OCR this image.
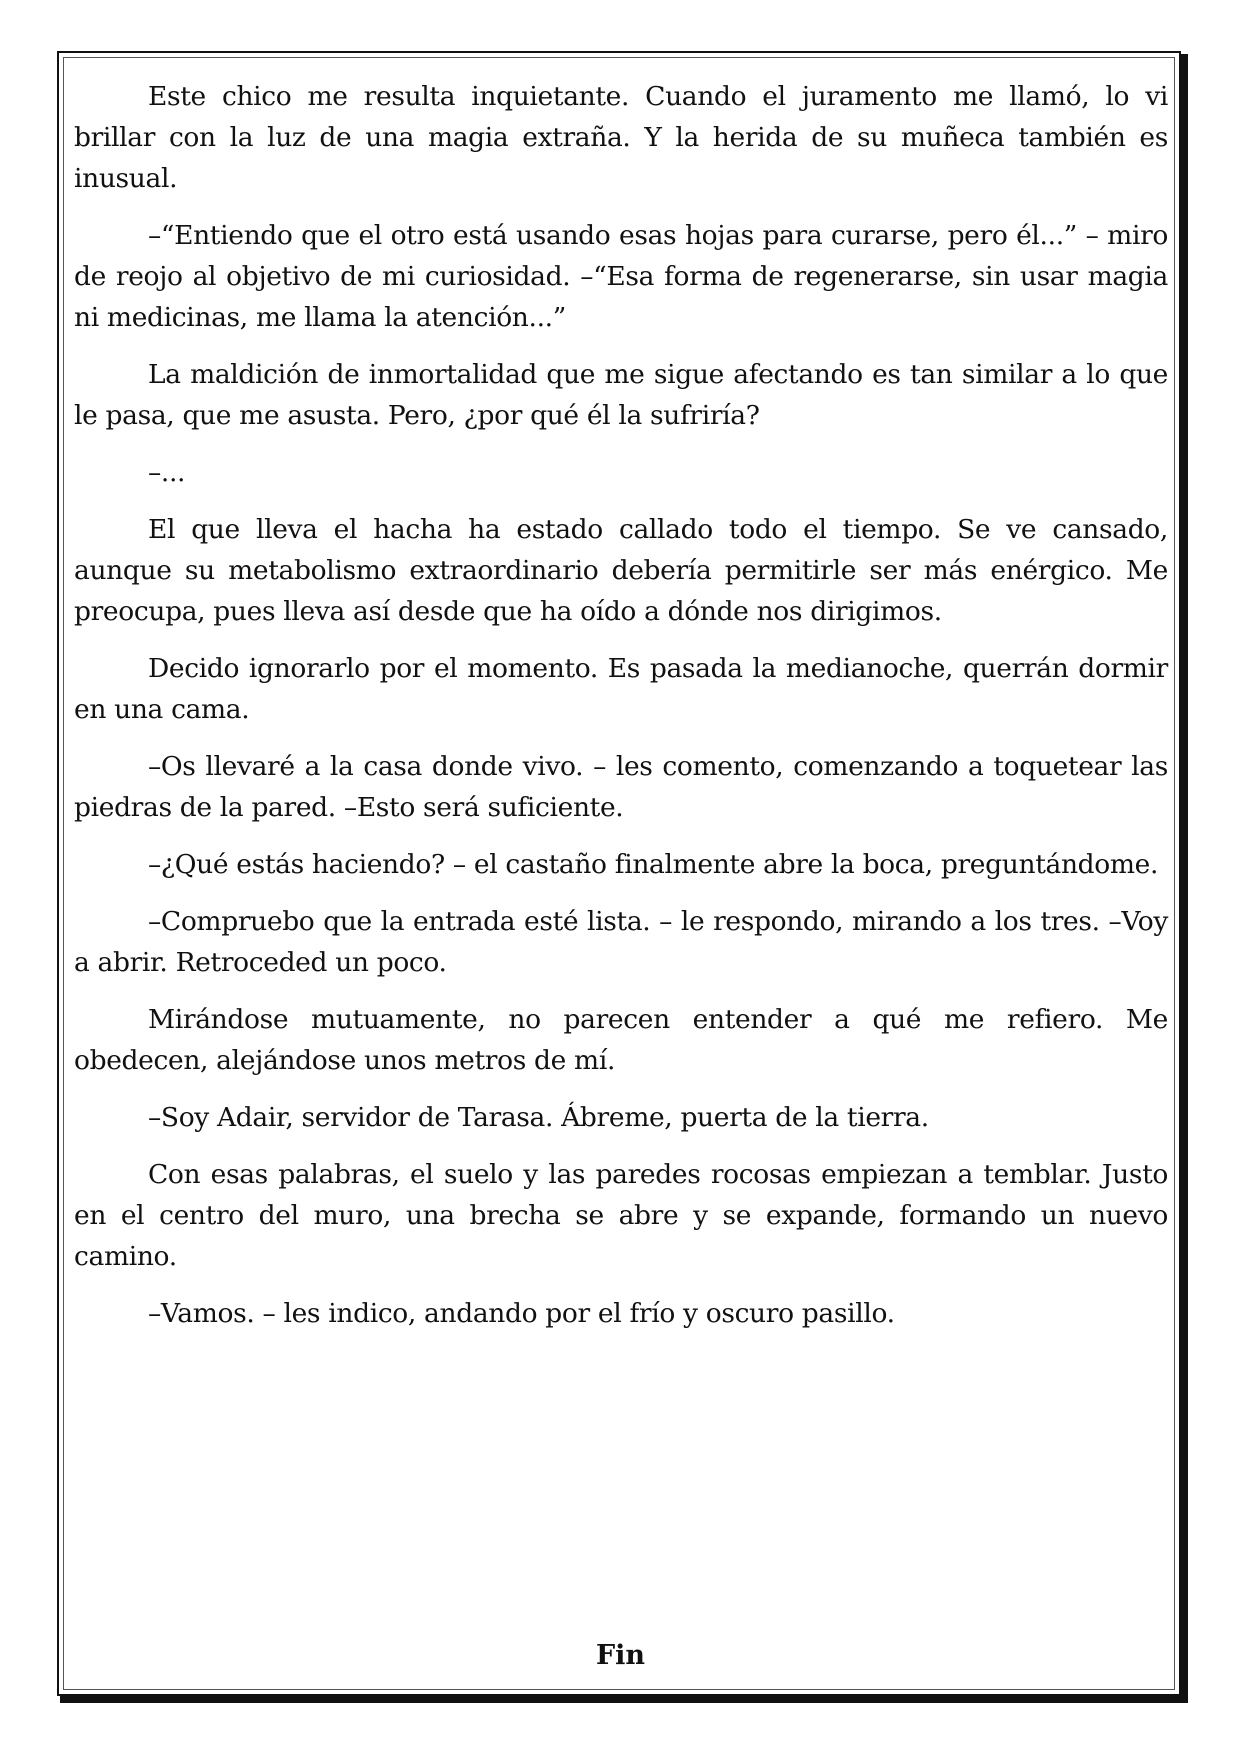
Este chico me resulta inquietante. Cuando el juramento me llamó, lo vi brillar con la luz de una magia extraña. Y la herida de su muñeca también es inusual.

–“Entiendo que el otro está usando esas hojas para curarse, pero él...” – miro de reojo al objetivo de mi curiosidad. –“Esa forma de regenerarse, sin usar magia ni medicinas, me llama la atención...”

La maldición de inmortalidad que me sigue afectando es tan similar a lo que le pasa, que me asusta. Pero, ¿por qué él la sufriría?

–...

El que lleva el hacha ha estado callado todo el tiempo. Se ve cansado, aunque su metabolismo extraordinario debería permitirle ser más enérgico. Me preocupa, pues lleva así desde que ha oído a dónde nos dirigimos.

Decido ignorarlo por el momento. Es pasada la medianoche, querrán dormir en una cama.

–Os llevaré a la casa donde vivo. – les comento, comenzando a toquetear las piedras de la pared. –Esto será suficiente.

–¿Qué estás haciendo? – el castaño finalmente abre la boca, preguntándome.

–Compruebo que la entrada esté lista. – le respondo, mirando a los tres. –Voy a abrir. Retroceded un poco.

Mirándose mutuamente, no parecen entender a qué me refiero. Me obedecen, alejándose unos metros de mí.

–Soy Adair, servidor de Tarasa. Ábreme, puerta de la tierra.

Con esas palabras, el suelo y las paredes rocosas empiezan a temblar. Justo en el centro del muro, una brecha se abre y se expande, formando un nuevo camino.

–Vamos. – les indico, andando por el frío y oscuro pasillo.

Fin
